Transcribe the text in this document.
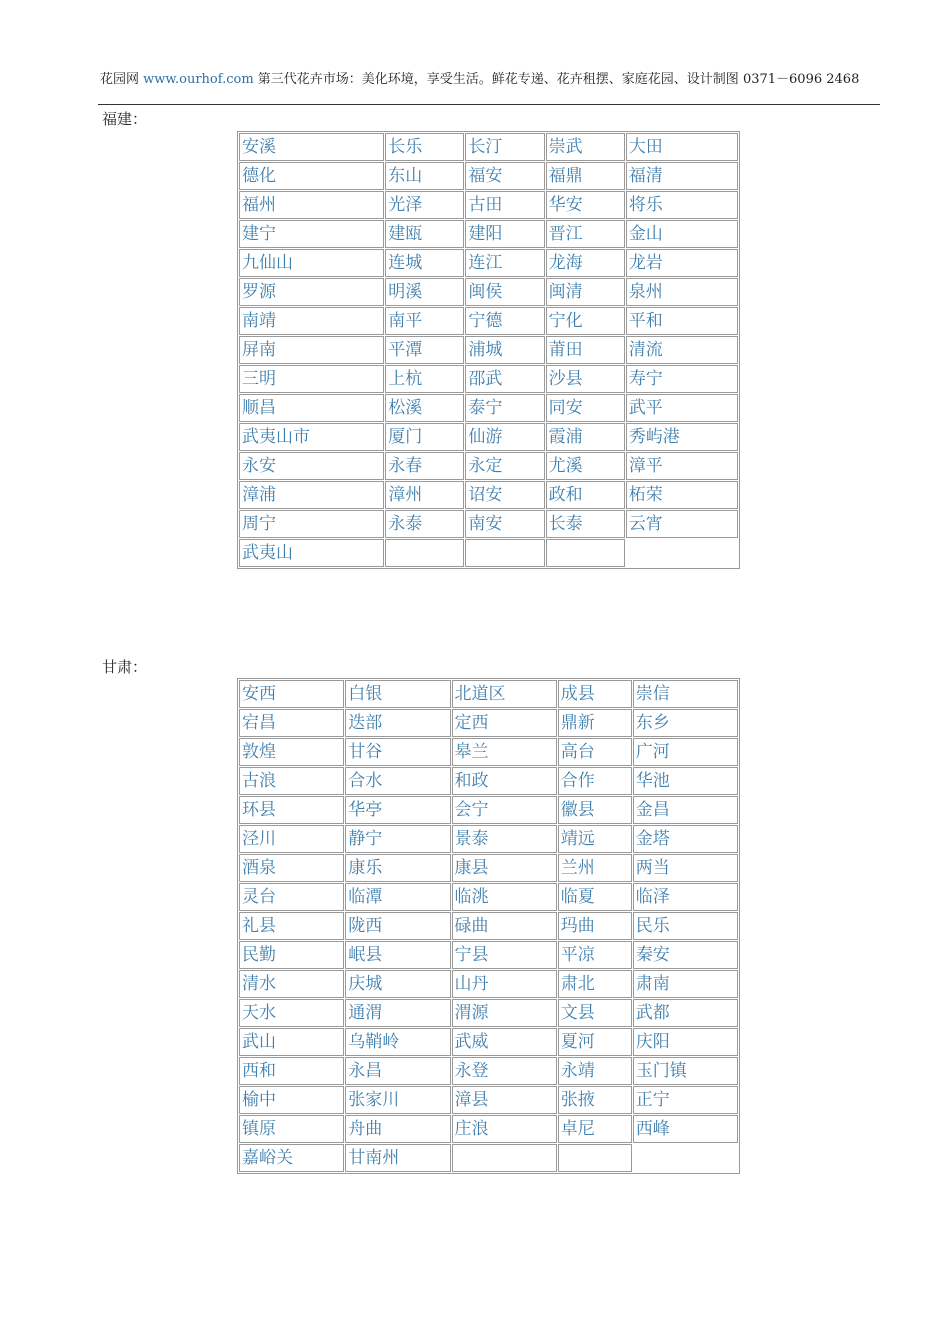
花园网 www.ourhof.com 第三代花卉市场：美化环境，享受生活。鲜花专递、花卉租摆、家庭花园、设计制图 0371－6096 2468
福建：
安溪	长乐	长汀	崇武	大田
德化	东山	福安	福鼎	福清
福州	光泽	古田	华安	将乐
建宁	建瓯	建阳	晋江	金山
九仙山	连城	连江	龙海	龙岩
罗源	明溪	闽侯	闽清	泉州
南靖	南平	宁德	宁化	平和
屏南	平潭	浦城	莆田	清流
三明	上杭	邵武	沙县	寿宁
顺昌	松溪	泰宁	同安	武平
武夷山市	厦门	仙游	霞浦	秀屿港
永安	永春	永定	尤溪	漳平
漳浦	漳州	诏安	政和	柘荣
周宁	永泰	南安	长泰	云宵
武夷山				
甘肃：
安西	白银	北道区	成县	崇信
宕昌	迭部	定西	鼎新	东乡
敦煌	甘谷	皋兰	高台	广河
古浪	合水	和政	合作	华池
环县	华亭	会宁	徽县	金昌
泾川	静宁	景泰	靖远	金塔
酒泉	康乐	康县	兰州	两当
灵台	临潭	临洮	临夏	临泽
礼县	陇西	碌曲	玛曲	民乐
民勤	岷县	宁县	平凉	秦安
清水	庆城	山丹	肃北	肃南
天水	通渭	渭源	文县	武都
武山	乌鞘岭	武威	夏河	庆阳
西和	永昌	永登	永靖	玉门镇
榆中	张家川	漳县	张掖	正宁
镇原	舟曲	庄浪	卓尼	西峰
嘉峪关	甘南州			
